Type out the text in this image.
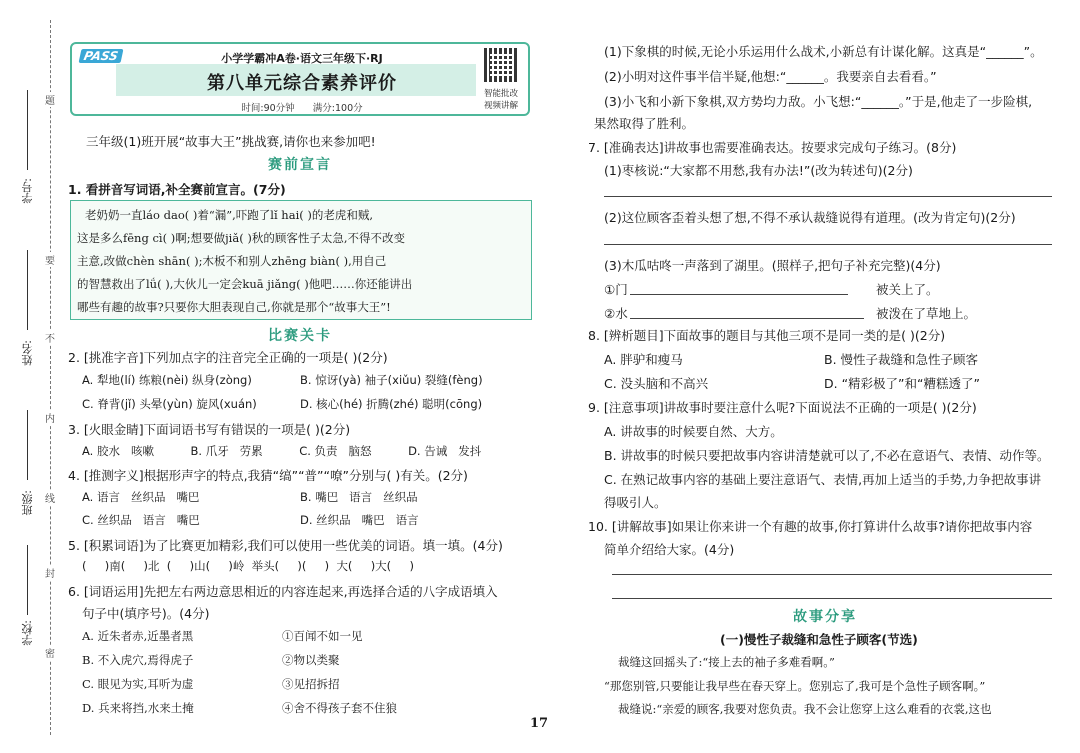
题
要
不
内
线
封
密
学号:
姓名:
班级:
学校:
PASS	小学学霸冲A卷·语文三年级下·RJ
第八单元综合素养评价
时间:90分钟      满分:100分
智能批改
视频讲解
三年级(1)班开展“故事大王”挑战赛,请你也来参加吧!
赛前宣言
1. 看拼音写词语,补全赛前宣言。(7分)
老奶奶一直láo dao( )着“漏”,吓跑了lǐ hai( )的老虎和贼,
这是多么fēng cì( )啊;想要做jiǎ( )秋的顾客性子太急,不得不改变
主意,改做chèn shān( );木板不和别人zhēng biàn( ),用自己
的智慧救出了lǘ( ),大伙儿一定会kuā jiǎng( )他吧……你还能讲出
哪些有趣的故事?只要你大胆表现自己,你就是那个“故事大王”!
比赛关卡
2. [挑准字音]下列加点字的注音完全正确的一项是( )(2分)
A. 犁地(lí) 练粮(nèi) 纵身(zòng)	B. 惊讶(yà) 袖子(xiǔu) 裂缝(fèng)
C. 脊背(jǐ) 头晕(yùn) 旋风(xuán)	D. 核心(hé) 折腾(zhé) 聪明(cōng)
3. [火眼金睛]下面词语书写有错误的一项是( )(2分)
A. 胶水   咳嗽          B. 爪牙   劳累          C. 负责   脑怒          D. 告诫   发抖
4. [推测字义]根据形声字的特点,我猜“缟”“普”“嘹”分别与( )有关。(2分)
A. 语言   丝织品   嘴巴	B. 嘴巴   语言   丝织品
C. 丝织品   语言   嘴巴	D. 丝织品   嘴巴   语言
5. [积累词语]为了比赛更加精彩,我们可以使用一些优美的词语。填一填。(4分)
(     )南(     )北  (     )山(     )岭  举头(     )(     )  大(     )大(     )
6. [词语运用]先把左右两边意思相近的内容连起来,再选择合适的八字成语填入
句子中(填序号)。(4分)
A. 近朱者赤,近墨者黑	①百闻不如一见
B. 不入虎穴,焉得虎子	②物以类聚
C. 眼见为实,耳听为虚	③见招拆招
D. 兵来将挡,水来土掩	④舍不得孩子套不住狼
(1)下象棋的时候,无论小乐运用什么战术,小新总有计谋化解。这真是“______”。
(2)小明对这件事半信半疑,他想:“______。我要亲自去看看。”
(3)小飞和小新下象棋,双方势均力敌。小飞想:“______。”于是,他走了一步险棋,
果然取得了胜利。
7. [准确表达]讲故事也需要准确表达。按要求完成句子练习。(8分)
(1)枣核说:“大家都不用愁,我有办法!”(改为转述句)(2分)
(2)这位顾客歪着头想了想,不得不承认裁缝说得有道理。(改为肯定句)(2分)
(3)木瓜咕咚一声落到了湖里。(照样子,把句子补充完整)(4分)
①门	被关上了。
②水	被泼在了草地上。
8. [辨析题目]下面故事的题目与其他三项不是同一类的是( )(2分)
A. 胖驴和瘦马	B. 慢性子裁缝和急性子顾客
C. 没头脑和不高兴	D. “精彩极了”和“糟糕透了”
9. [注意事项]讲故事时要注意什么呢?下面说法不正确的一项是( )(2分)
A. 讲故事的时候要自然、大方。
B. 讲故事的时候只要把故事内容讲清楚就可以了,不必在意语气、表情、动作等。
C. 在熟记故事内容的基础上要注意语气、表情,再加上适当的手势,力争把故事讲
得吸引人。
10. [讲解故事]如果让你来讲一个有趣的故事,你打算讲什么故事?请你把故事内容
简单介绍给大家。(4分)
故事分享
(一)慢性子裁缝和急性子顾客(节选)
裁缝这回摇头了:“接上去的袖子多难看啊。”
“那您别管,只要能让我早些在春天穿上。您别忘了,我可是个急性子顾客啊。”
裁缝说:“亲爱的顾客,我要对您负责。我不会让您穿上这么难看的衣裳,这也
17
